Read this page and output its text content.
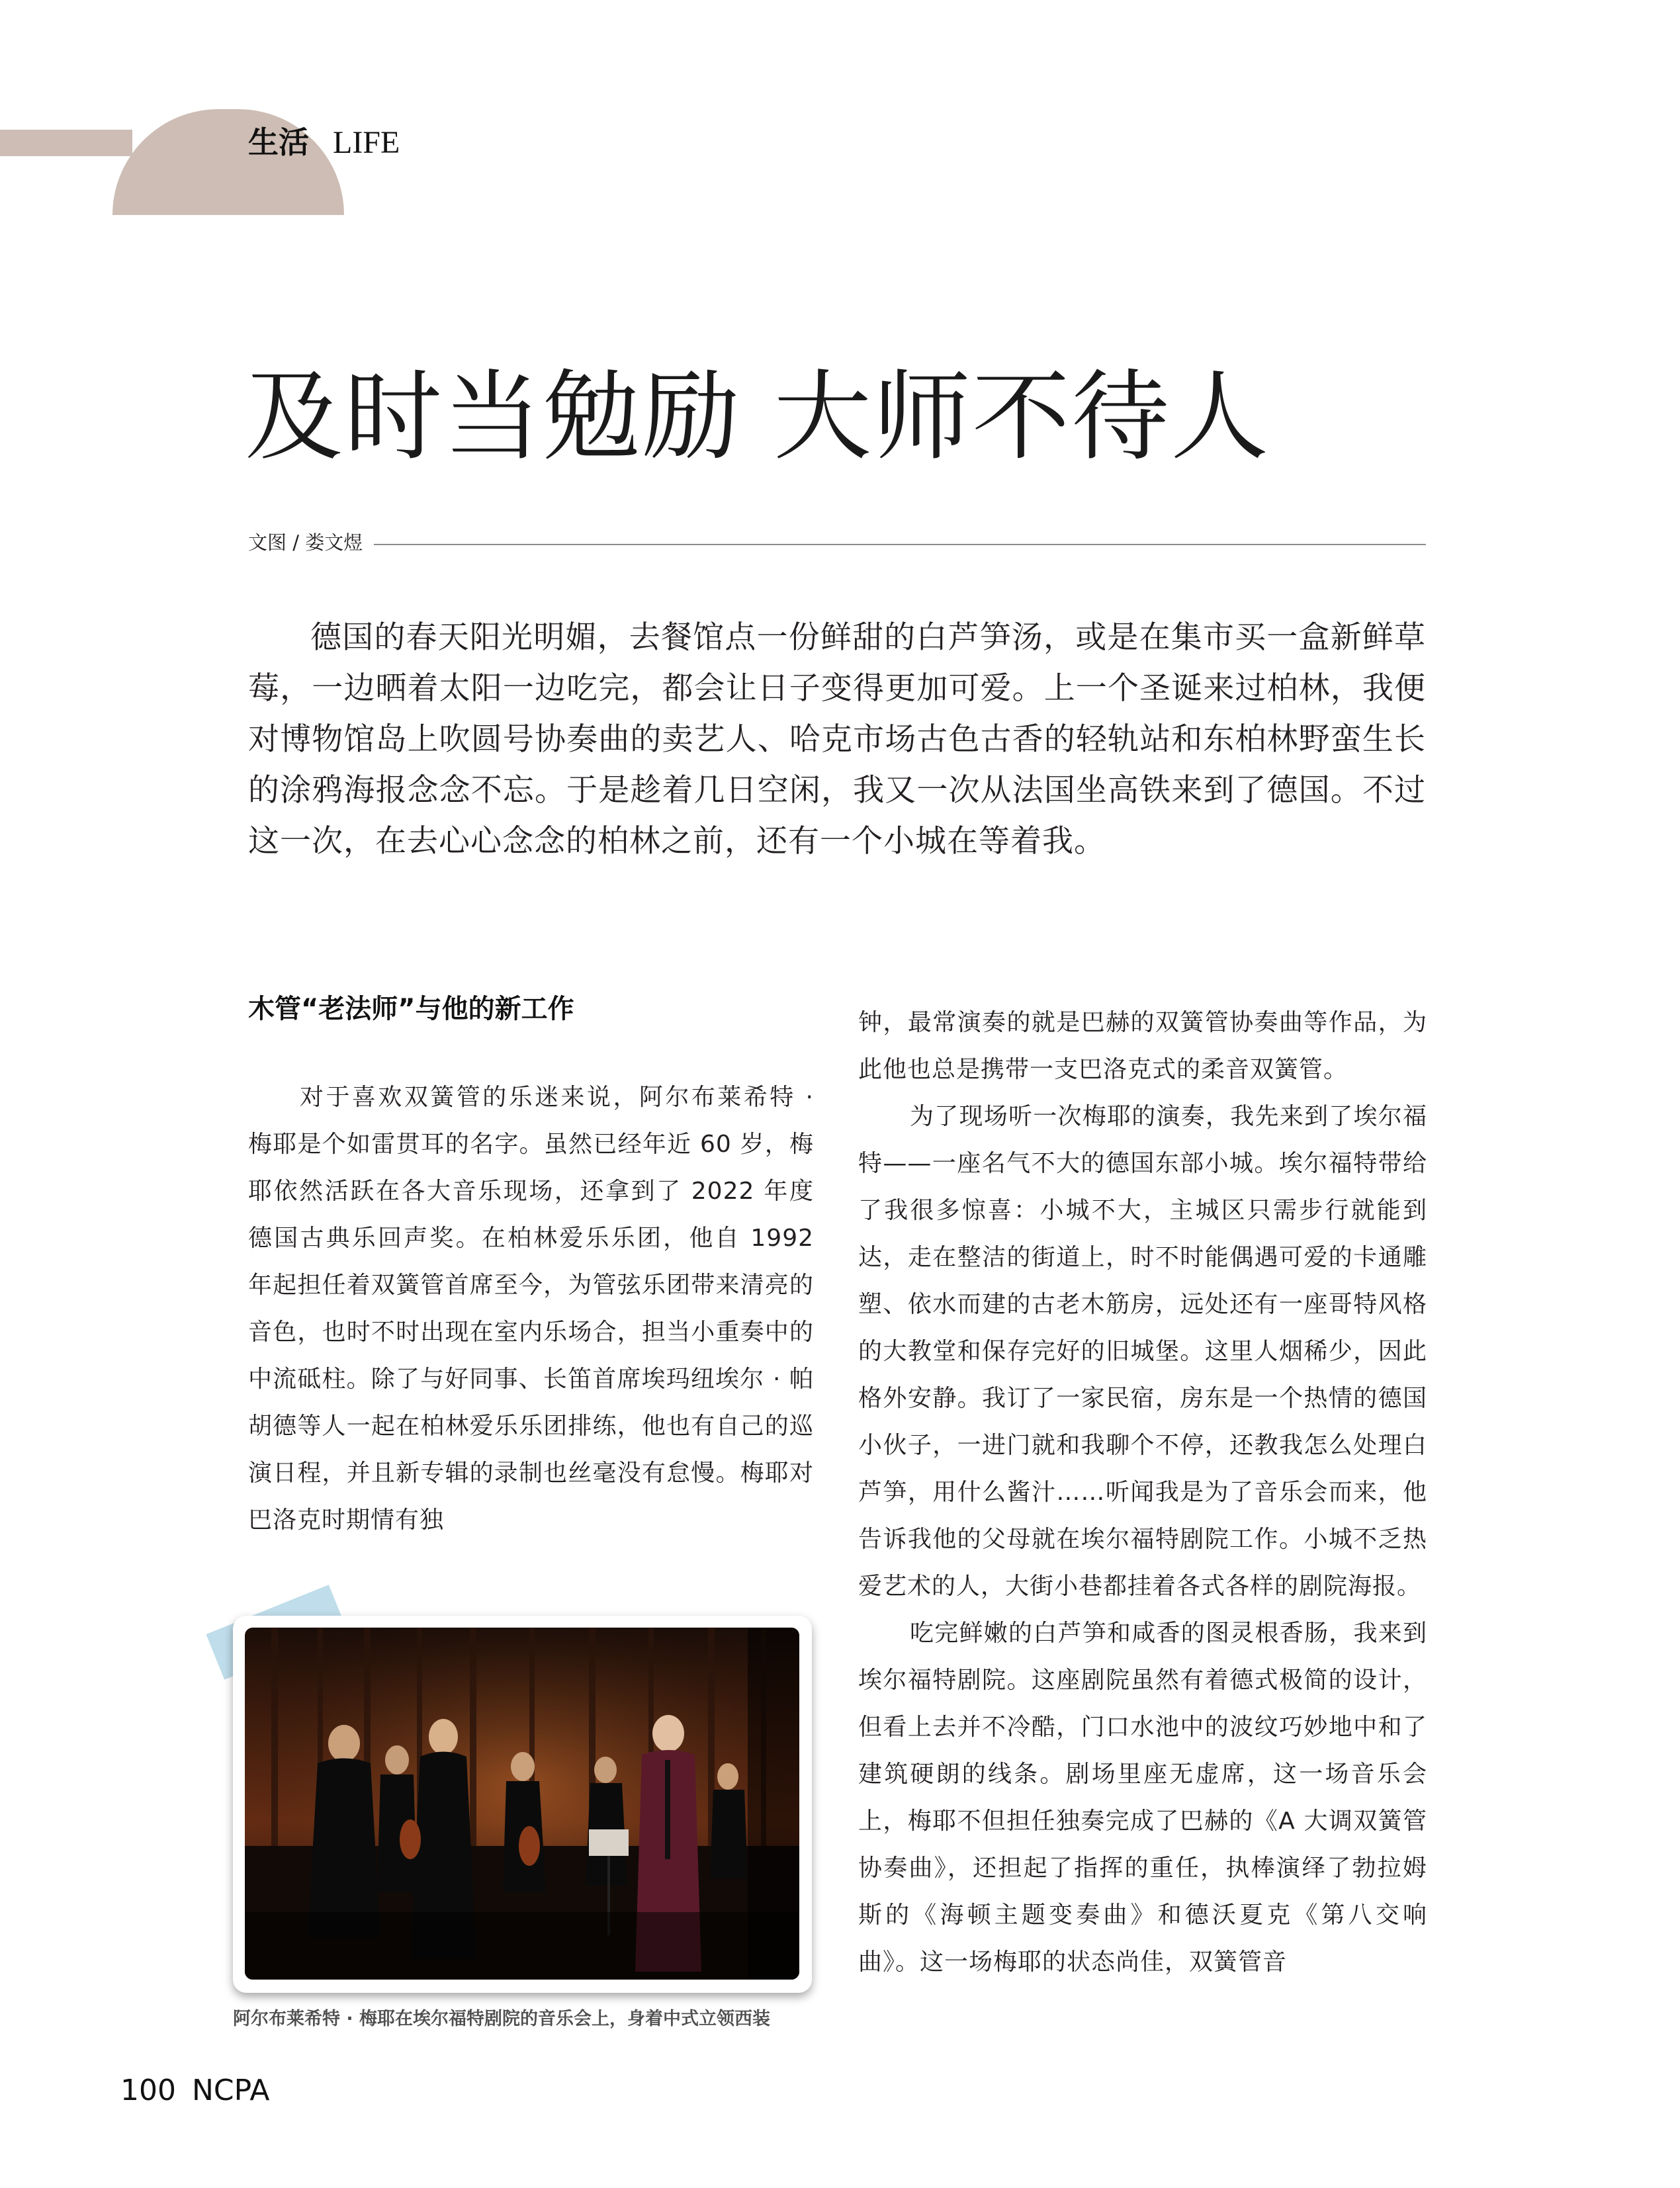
生活 LIFE
及时当勉励 大师不待人
文图 / 娄文煜

德国的春天阳光明媚，去餐馆点一份鲜甜的白芦笋汤，或是在集市买一盒新鲜草莓，一边晒着太阳一边吃完，都会让日子变得更加可爱。上一个圣诞来过柏林，我便对博物馆岛上吹圆号协奏曲的卖艺人、哈克市场古色古香的轻轨站和东柏林野蛮生长的涂鸦海报念念不忘。于是趁着几日空闲，我又一次从法国坐高铁来到了德国。不过这一次，在去心心念念的柏林之前，还有一个小城在等着我。

木管“老法师”与他的新工作

对于喜欢双簧管的乐迷来说，阿尔布莱希特 · 梅耶是个如雷贯耳的名字。虽然已经年近 60 岁，梅耶依然活跃在各大音乐现场，还拿到了 2022 年度德国古典乐回声奖。在柏林爱乐乐团，他自 1992 年起担任着双簧管首席至今，为管弦乐团带来清亮的音色，也时不时出现在室内乐场合，担当小重奏中的中流砥柱。除了与好同事、长笛首席埃玛纽埃尔 · 帕胡德等人一起在柏林爱乐乐团排练，他也有自己的巡演日程，并且新专辑的录制也丝毫没有怠慢。梅耶对巴洛克时期情有独

阿尔布莱希特 · 梅耶在埃尔福特剧院的音乐会上，身着中式立领西装

钟，最常演奏的就是巴赫的双簧管协奏曲等作品，为此他也总是携带一支巴洛克式的柔音双簧管。

为了现场听一次梅耶的演奏，我先来到了埃尔福特——一座名气不大的德国东部小城。埃尔福特带给了我很多惊喜：小城不大，主城区只需步行就能到达，走在整洁的街道上，时不时能偶遇可爱的卡通雕塑、依水而建的古老木筋房，远处还有一座哥特风格的大教堂和保存完好的旧城堡。这里人烟稀少，因此格外安静。我订了一家民宿，房东是一个热情的德国小伙子，一进门就和我聊个不停，还教我怎么处理白芦笋，用什么酱汁……听闻我是为了音乐会而来，他告诉我他的父母就在埃尔福特剧院工作。小城不乏热爱艺术的人，大街小巷都挂着各式各样的剧院海报。

吃完鲜嫩的白芦笋和咸香的图灵根香肠，我来到埃尔福特剧院。这座剧院虽然有着德式极简的设计，但看上去并不冷酷，门口水池中的波纹巧妙地中和了建筑硬朗的线条。剧场里座无虚席，这一场音乐会上，梅耶不但担任独奏完成了巴赫的《A 大调双簧管协奏曲》，还担起了指挥的重任，执棒演绎了勃拉姆斯的《海顿主题变奏曲》和德沃夏克《第八交响曲》。这一场梅耶的状态尚佳，双簧管音

100 NCPA
